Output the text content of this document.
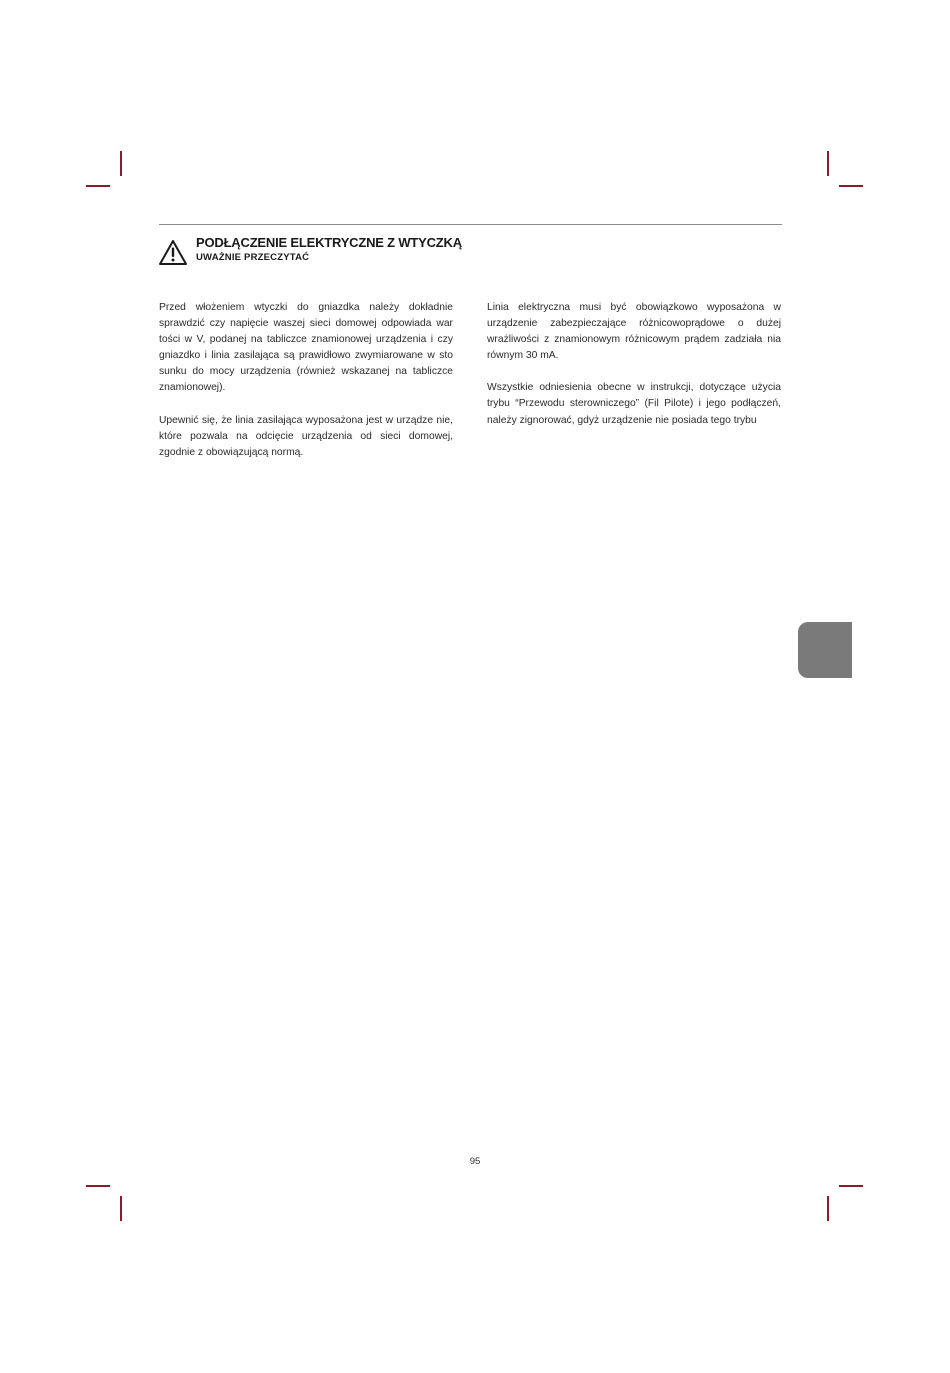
PODŁĄCZENIE ELEKTRYCZNE Z WTYCZKĄ
UWAŻNIE PRZECZYTAĆ

Przed włożeniem wtyczki do gniazdka należy dokładnie sprawdzić czy napięcie waszej sieci domowej odpowiada war tości w V, podanej na tabliczce znamionowej urządzenia i czy gniazdko i linia zasilająca są prawidłowo zwymiarowane w sto sunku do mocy urządzenia (również wskazanej na tabliczce znamionowej).

Upewnić się, że linia zasilająca wyposażona jest w urządze nie, które pozwala na odcięcie urządzenia od sieci domowej, zgodnie z obowiązującą normą.

Linia elektryczna musi być obowiązkowo wyposażona w urządzenie zabezpieczające różnicowoprądowe o dużej wrażliwości z znamionowym różnicowym prądem zadziała nia równym 30 mA.

Wszystkie odniesienia obecne w instrukcji, dotyczące użycia trybu “Przewodu sterowniczego” (Fil Pilote) i jego podłączeń, należy zignorować, gdyż urządzenie nie posiada tego trybu

95
